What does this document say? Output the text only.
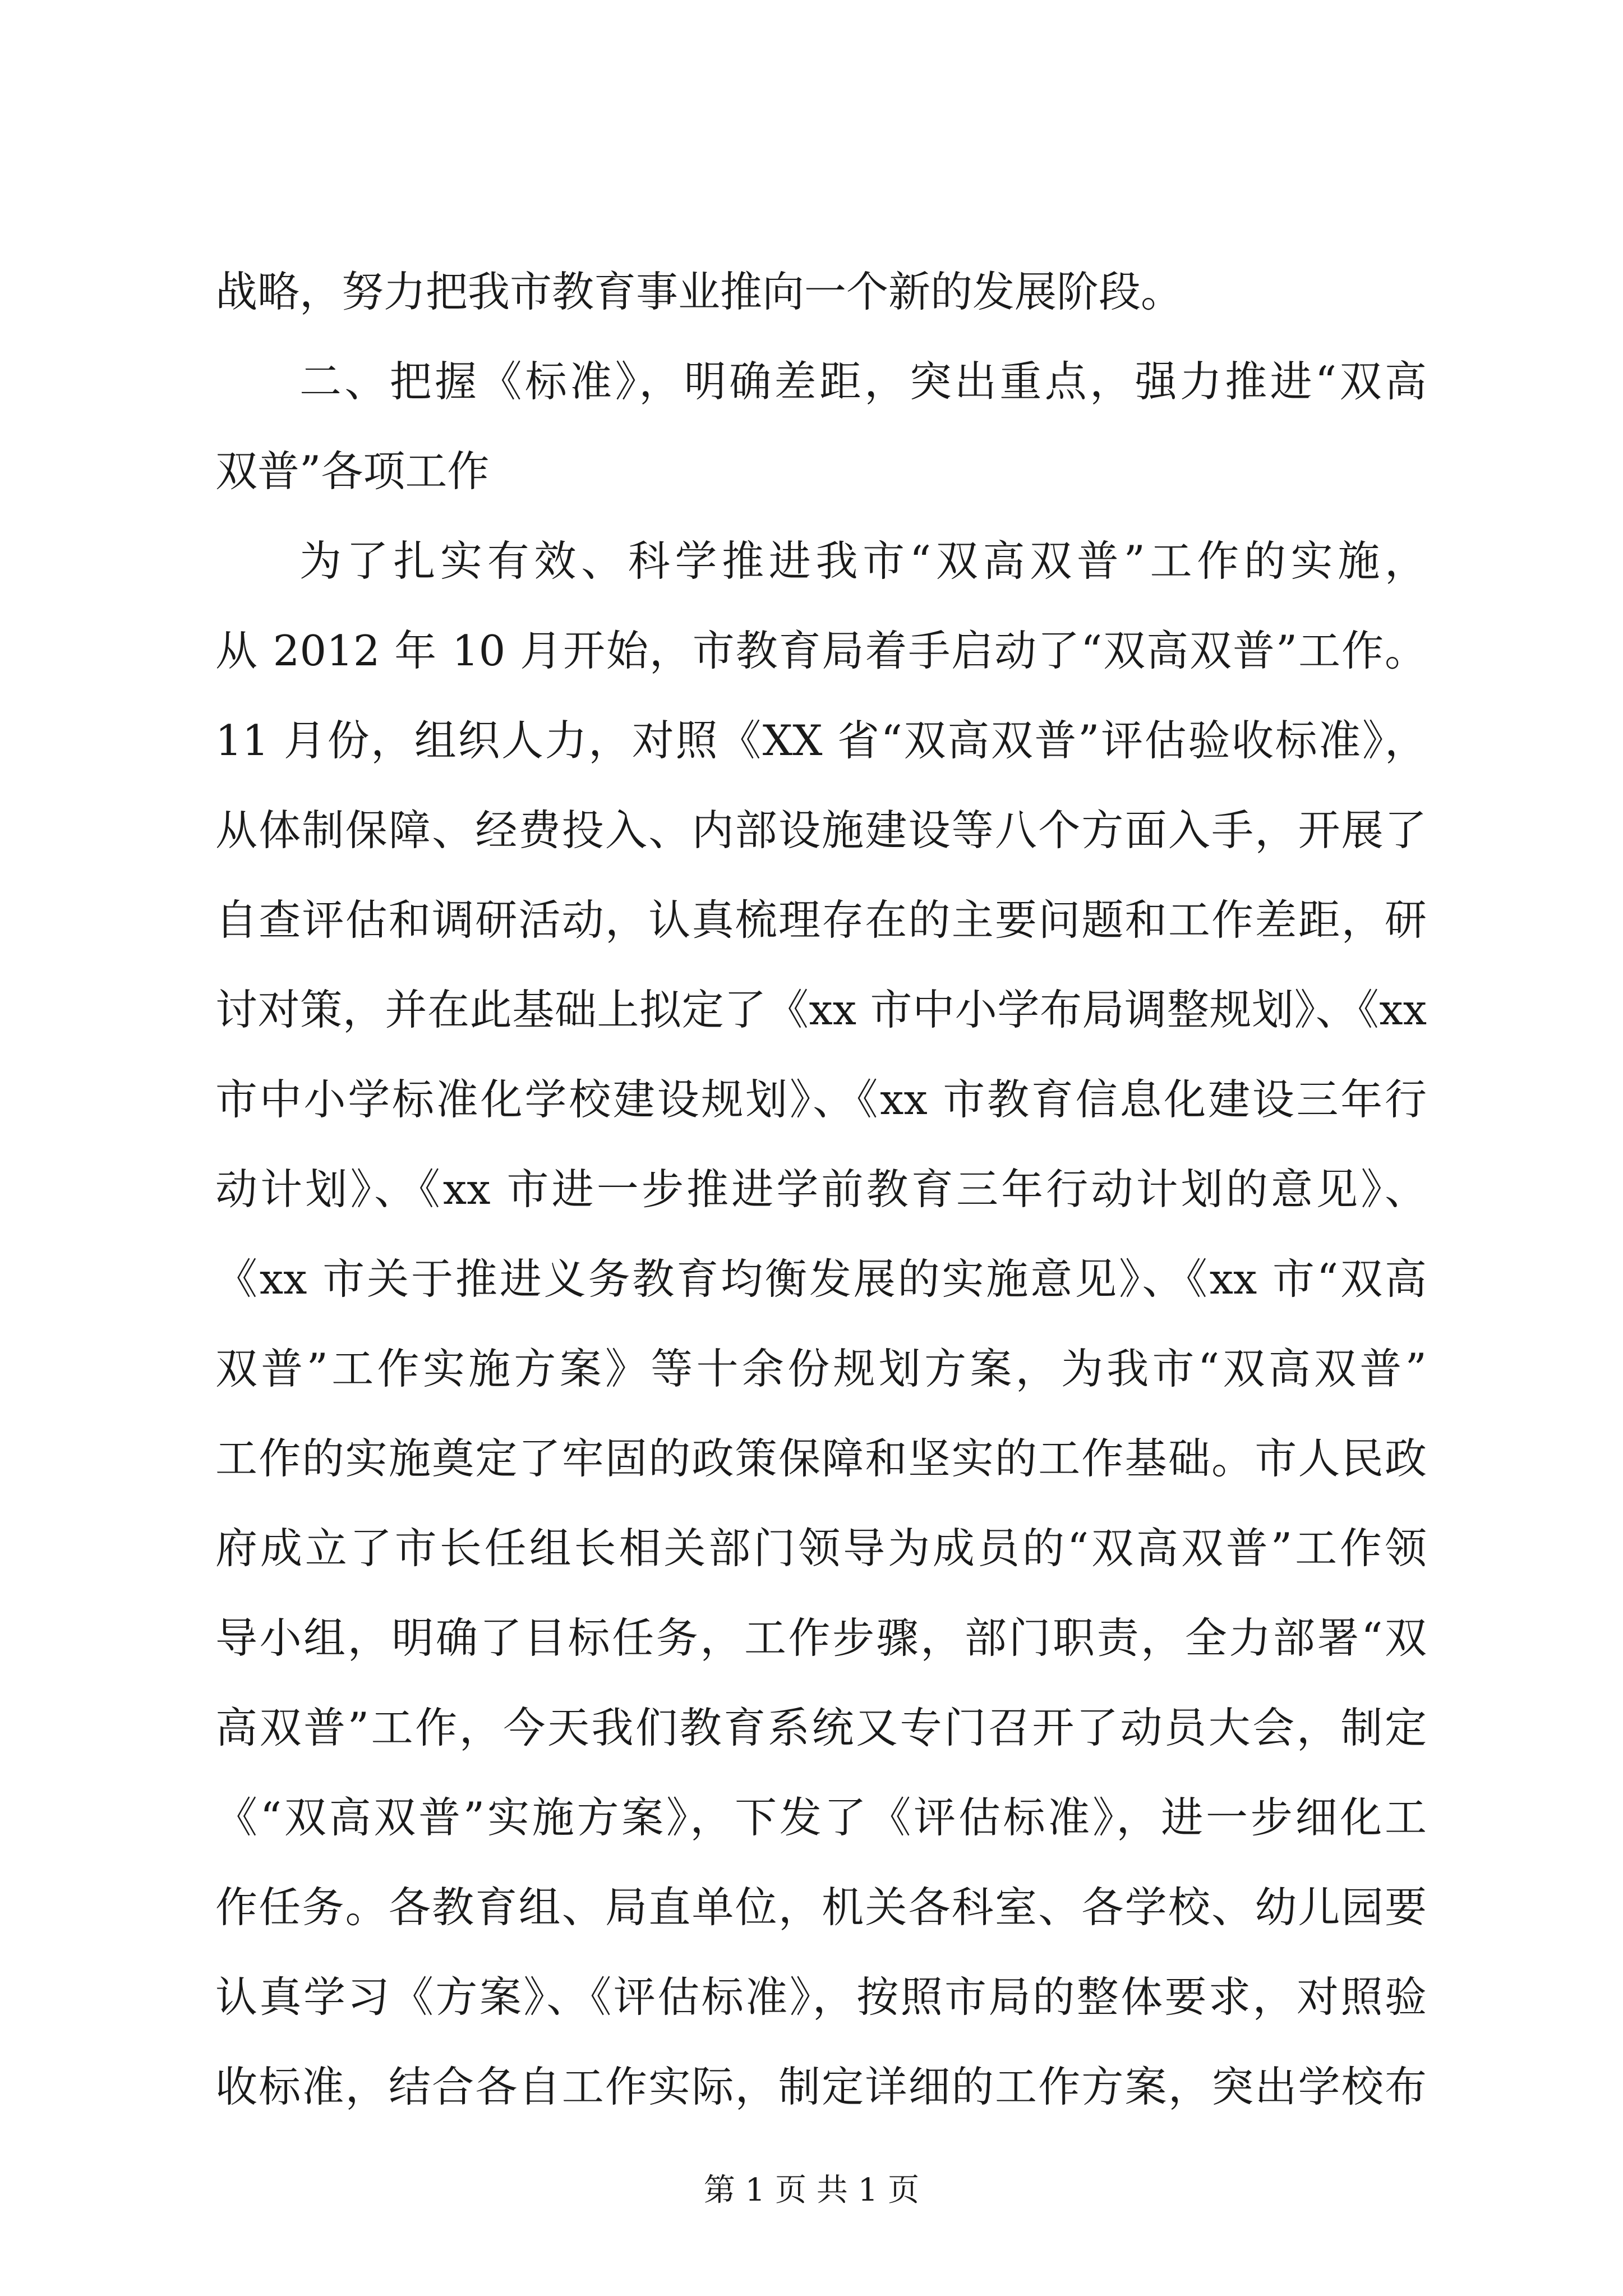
战略，努力把我市教育事业推向一个新的发展阶段。
二、把握《标准》，明确差距，突出重点，强力推进“双高
双普”各项工作
为了扎实有效、科学推进我市“双高双普”工作的实施，
从 2012 年 10 月开始，市教育局着手启动了“双高双普”工作。
11 月份，组织人力，对照《XX 省“双高双普”评估验收标准》，
从体制保障、经费投入、内部设施建设等八个方面入手，开展了
自查评估和调研活动，认真梳理存在的主要问题和工作差距，研
讨对策，并在此基础上拟定了《xx 市中小学布局调整规划》、《xx
市中小学标准化学校建设规划》、《xx 市教育信息化建设三年行
动计划》、《xx 市进一步推进学前教育三年行动计划的意见》、
《xx 市关于推进义务教育均衡发展的实施意见》、《xx 市“双高
双普”工作实施方案》等十余份规划方案，为我市“双高双普”
工作的实施奠定了牢固的政策保障和坚实的工作基础。市人民政
府成立了市长任组长相关部门领导为成员的“双高双普”工作领
导小组，明确了目标任务，工作步骤，部门职责，全力部署“双
高双普”工作，今天我们教育系统又专门召开了动员大会，制定
《“双高双普”实施方案》，下发了《评估标准》，进一步细化工
作任务。各教育组、局直单位，机关各科室、各学校、幼儿园要
认真学习《方案》、《评估标准》，按照市局的整体要求，对照验
收标准，结合各自工作实际，制定详细的工作方案，突出学校布
第 1 页 共 1 页
